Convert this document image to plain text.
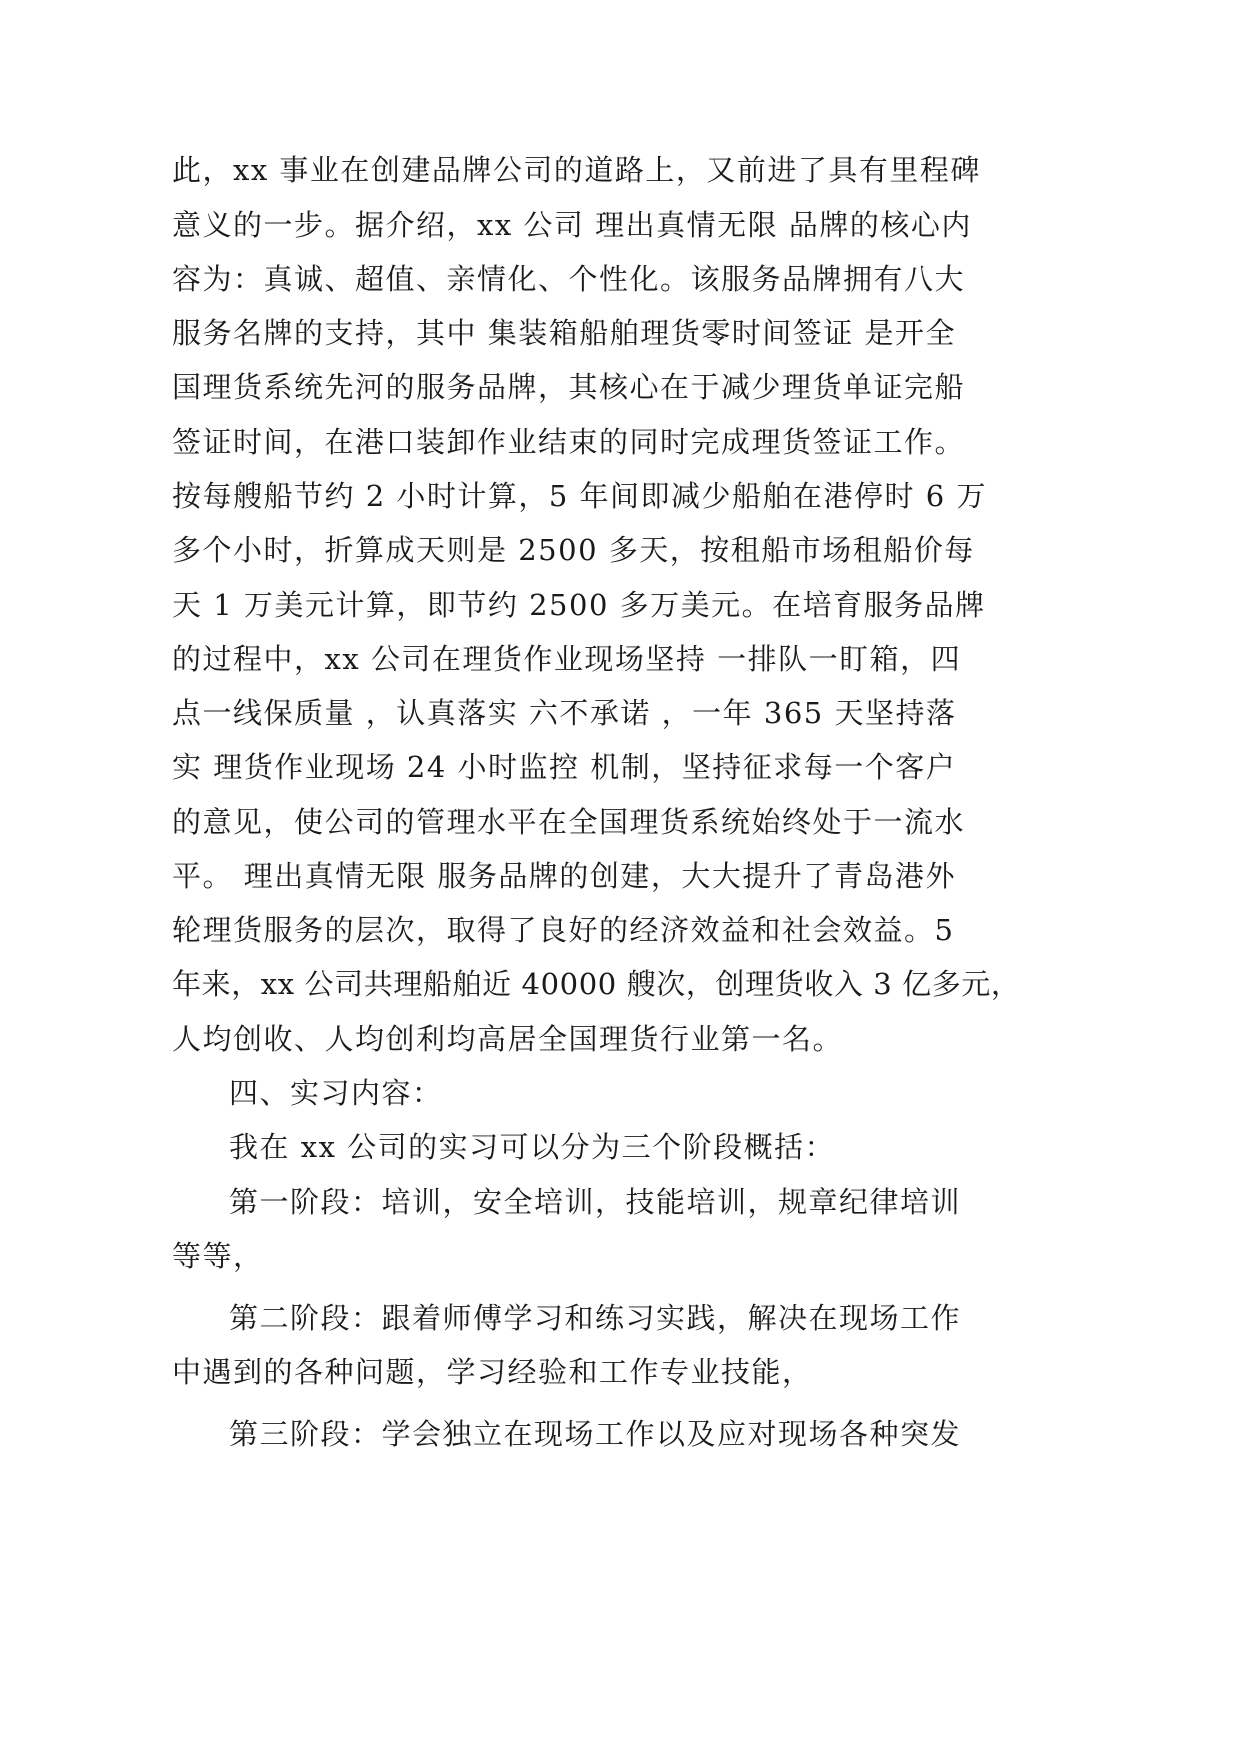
此，xx 事业在创建品牌公司的道路上，又前进了具有里程碑
意义的一步。据介绍，xx 公司 理出真情无限 品牌的核心内
容为：真诚、超值、亲情化、个性化。该服务品牌拥有八大
服务名牌的支持，其中 集装箱船舶理货零时间签证 是开全
国理货系统先河的服务品牌，其核心在于减少理货单证完船
签证时间，在港口装卸作业结束的同时完成理货签证工作。
按每艘船节约 2 小时计算，5 年间即减少船舶在港停时 6 万
多个小时，折算成天则是 2500 多天，按租船市场租船价每
天 1 万美元计算，即节约 2500 多万美元。在培育服务品牌
的过程中，xx 公司在理货作业现场坚持 一排队一盯箱，四
点一线保质量 ，认真落实 六不承诺 ，一年 365 天坚持落
实 理货作业现场 24 小时监控 机制，坚持征求每一个客户
的意见，使公司的管理水平在全国理货系统始终处于一流水
平。 理出真情无限 服务品牌的创建，大大提升了青岛港外
轮理货服务的层次，取得了良好的经济效益和社会效益。5
年来，xx 公司共理船舶近 40000 艘次，创理货收入 3 亿多元，
人均创收、人均创利均高居全国理货行业第一名。
四、实习内容：
我在 xx 公司的实习可以分为三个阶段概括：
第一阶段：培训，安全培训，技能培训，规章纪律培训
等等，
第二阶段：跟着师傅学习和练习实践，解决在现场工作
中遇到的各种问题，学习经验和工作专业技能，
第三阶段：学会独立在现场工作以及应对现场各种突发
